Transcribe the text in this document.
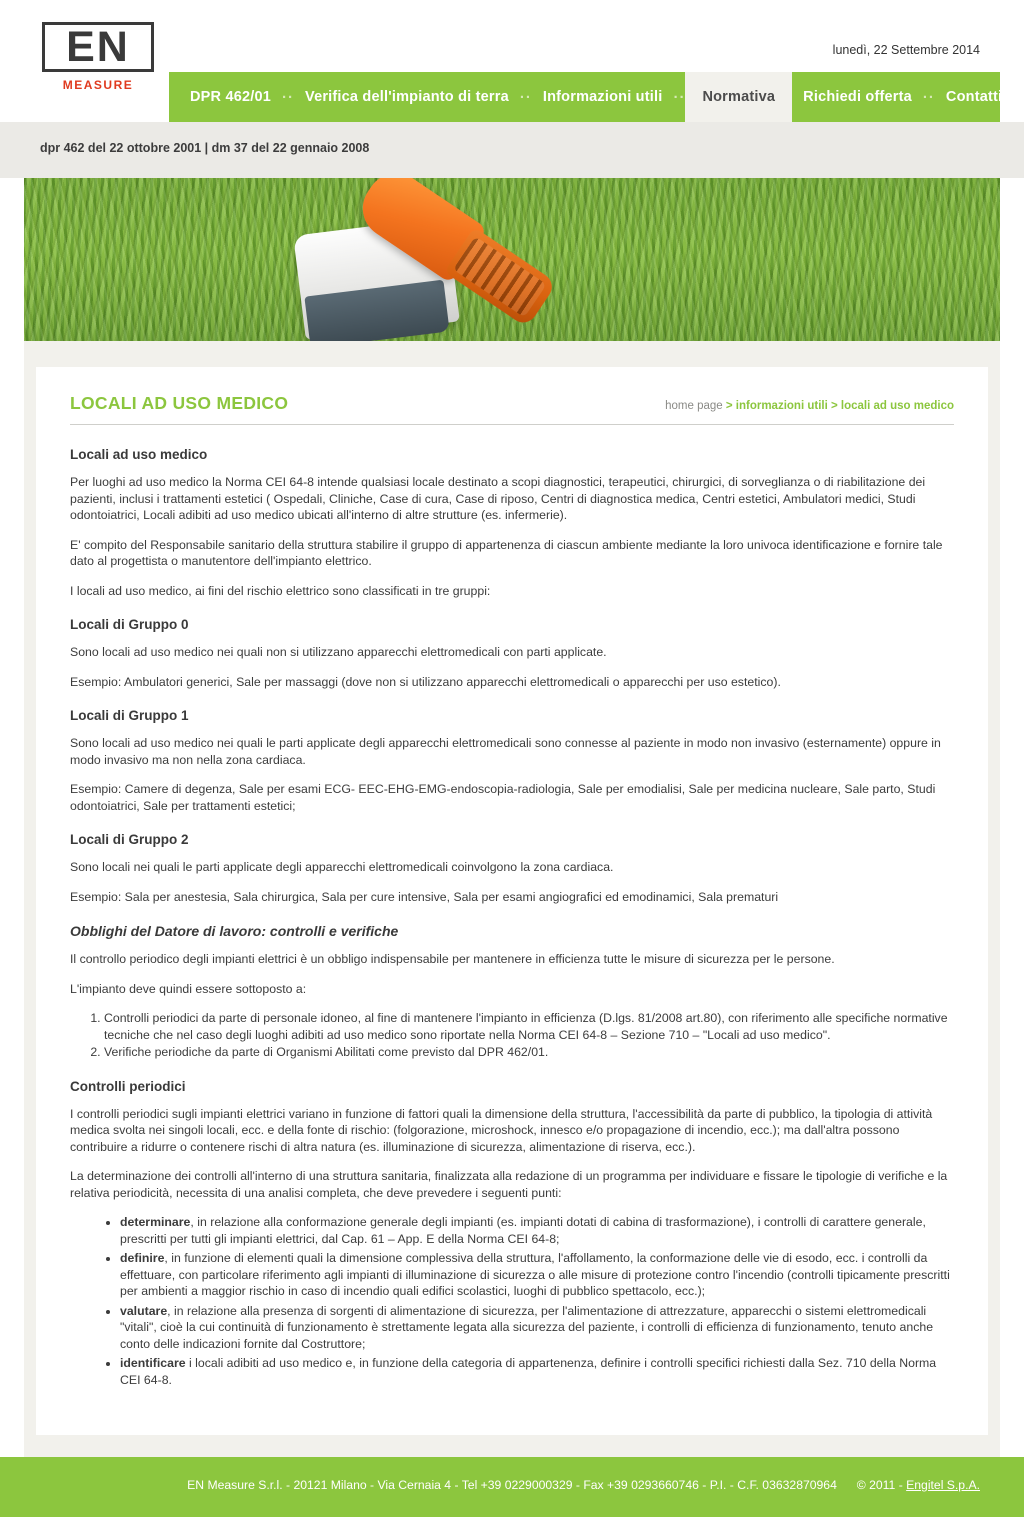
DPR 462/01 ·· Verifica dell'impianto di terra ·· Informazioni utili ·· Normativa Richiedi offerta ·· Contatti
EN
MEASURE
lunedì, 22 Settembre 2014
dpr 462 del 22 ottobre 2001 | dm 37 del 22 gennaio 2008
LOCALI AD USO MEDICO	home page > informazioni utili > locali ad uso medico
Locali ad uso medico

Per luoghi ad uso medico la Norma CEI 64-8 intende qualsiasi locale destinato a scopi diagnostici, terapeutici, chirurgici, di sorveglianza o di riabilitazione dei pazienti, inclusi i trattamenti estetici ( Ospedali, Cliniche, Case di cura, Case di riposo, Centri di diagnostica medica, Centri estetici, Ambulatori medici, Studi odontoiatrici, Locali adibiti ad uso medico ubicati all'interno di altre strutture (es. infermerie).

E' compito del Responsabile sanitario della struttura stabilire il gruppo di appartenenza di ciascun ambiente mediante la loro univoca identificazione e fornire tale dato al progettista o manutentore dell'impianto elettrico.

I locali ad uso medico, ai fini del rischio elettrico sono classificati in tre gruppi:

Locali di Gruppo 0

Sono locali ad uso medico nei quali non si utilizzano apparecchi elettromedicali con parti applicate.

Esempio: Ambulatori generici, Sale per massaggi (dove non si utilizzano apparecchi elettromedicali o apparecchi per uso estetico).

Locali di Gruppo 1

Sono locali ad uso medico nei quali le parti applicate degli apparecchi elettromedicali sono connesse al paziente in modo non invasivo (esternamente) oppure in modo invasivo ma non nella zona cardiaca.

Esempio: Camere di degenza, Sale per esami ECG- EEC-EHG-EMG-endoscopia-radiologia, Sale per emodialisi, Sale per medicina nucleare, Sale parto, Studi odontoiatrici, Sale per trattamenti estetici;

Locali di Gruppo 2

Sono locali nei quali le parti applicate degli apparecchi elettromedicali coinvolgono la zona cardiaca.

Esempio: Sala per anestesia, Sala chirurgica, Sala per cure intensive, Sala per esami angiografici ed emodinamici, Sala prematuri

Obblighi del Datore di lavoro: controlli e verifiche

Il controllo periodico degli impianti elettrici è un obbligo indispensabile per mantenere in efficienza tutte le misure di sicurezza per le persone.

L'impianto deve quindi essere sottoposto a:

1. Controlli periodici da parte di personale idoneo, al fine di mantenere l'impianto in efficienza (D.lgs. 81/2008 art.80), con riferimento alle specifiche normative tecniche che nel caso degli luoghi adibiti ad uso medico sono riportate nella Norma CEI 64-8 – Sezione 710 – "Locali ad uso medico".
2. Verifiche periodiche da parte di Organismi Abilitati come previsto dal DPR 462/01.
Controlli periodici

I controlli periodici sugli impianti elettrici variano in funzione di fattori quali la dimensione della struttura, l'accessibilità da parte di pubblico, la tipologia di attività medica svolta nei singoli locali, ecc. e della fonte di rischio: (folgorazione, microshock, innesco e/o propagazione di incendio, ecc.); ma dall'altra possono contribuire a ridurre o contenere rischi di altra natura (es. illuminazione di sicurezza, alimentazione di riserva, ecc.).

La determinazione dei controlli all'interno di una struttura sanitaria, finalizzata alla redazione di un programma per individuare e fissare le tipologie di verifiche e la relativa periodicità, necessita di una analisi completa, che deve prevedere i seguenti punti:

• determinare, in relazione alla conformazione generale degli impianti (es. impianti dotati di cabina di trasformazione), i controlli di carattere generale, prescritti per tutti gli impianti elettrici, dal Cap. 61 – App. E della Norma CEI 64-8;
• definire, in funzione di elementi quali la dimensione complessiva della struttura, l'affollamento, la conformazione delle vie di esodo, ecc. i controlli da effettuare, con particolare riferimento agli impianti di illuminazione di sicurezza o alle misure di protezione contro l'incendio (controlli tipicamente prescritti per ambienti a maggior rischio in caso di incendio quali edifici scolastici, luoghi di pubblico spettacolo, ecc.);
• valutare, in relazione alla presenza di sorgenti di alimentazione di sicurezza, per l'alimentazione di attrezzature, apparecchi o sistemi elettromedicali "vitali", cioè la cui continuità di funzionamento è strettamente legata alla sicurezza del paziente, i controlli di efficienza di funzionamento, tenuto anche conto delle indicazioni fornite dal Costruttore;
• identificare i locali adibiti ad uso medico e, in funzione della categoria di appartenenza, definire i controlli specifici richiesti dalla Sez. 710 della Norma CEI 64-8.
EN Measure S.r.l. - 20121 Milano - Via Cernaia 4 - Tel +39 0229000329 - Fax +39 0293660746 - P.I. - C.F. 03632870964	© 2011 - Engitel S.p.A.
